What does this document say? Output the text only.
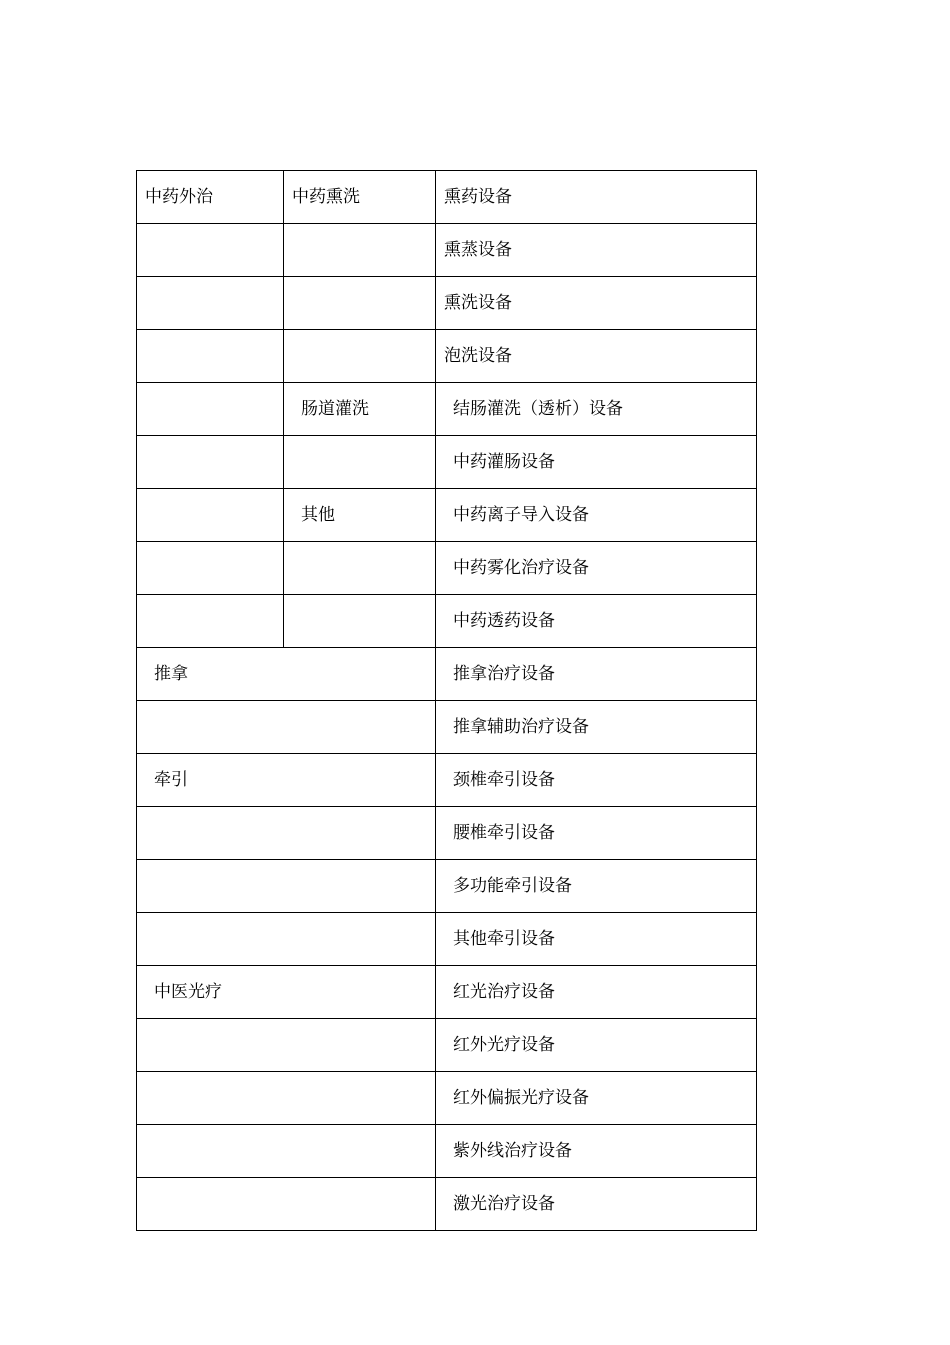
中药外治	中药熏洗	熏药设备
		熏蒸设备
		熏洗设备
		泡洗设备
	肠道灌洗	结肠灌洗（透析）设备
		中药灌肠设备
	其他	中药离子导入设备
		中药雾化治疗设备
		中药透药设备
推拿		推拿治疗设备
		推拿辅助治疗设备
牵引		颈椎牵引设备
		腰椎牵引设备
		多功能牵引设备
		其他牵引设备
中医光疗		红光治疗设备
		红外光疗设备
		红外偏振光疗设备
		紫外线治疗设备
		激光治疗设备
